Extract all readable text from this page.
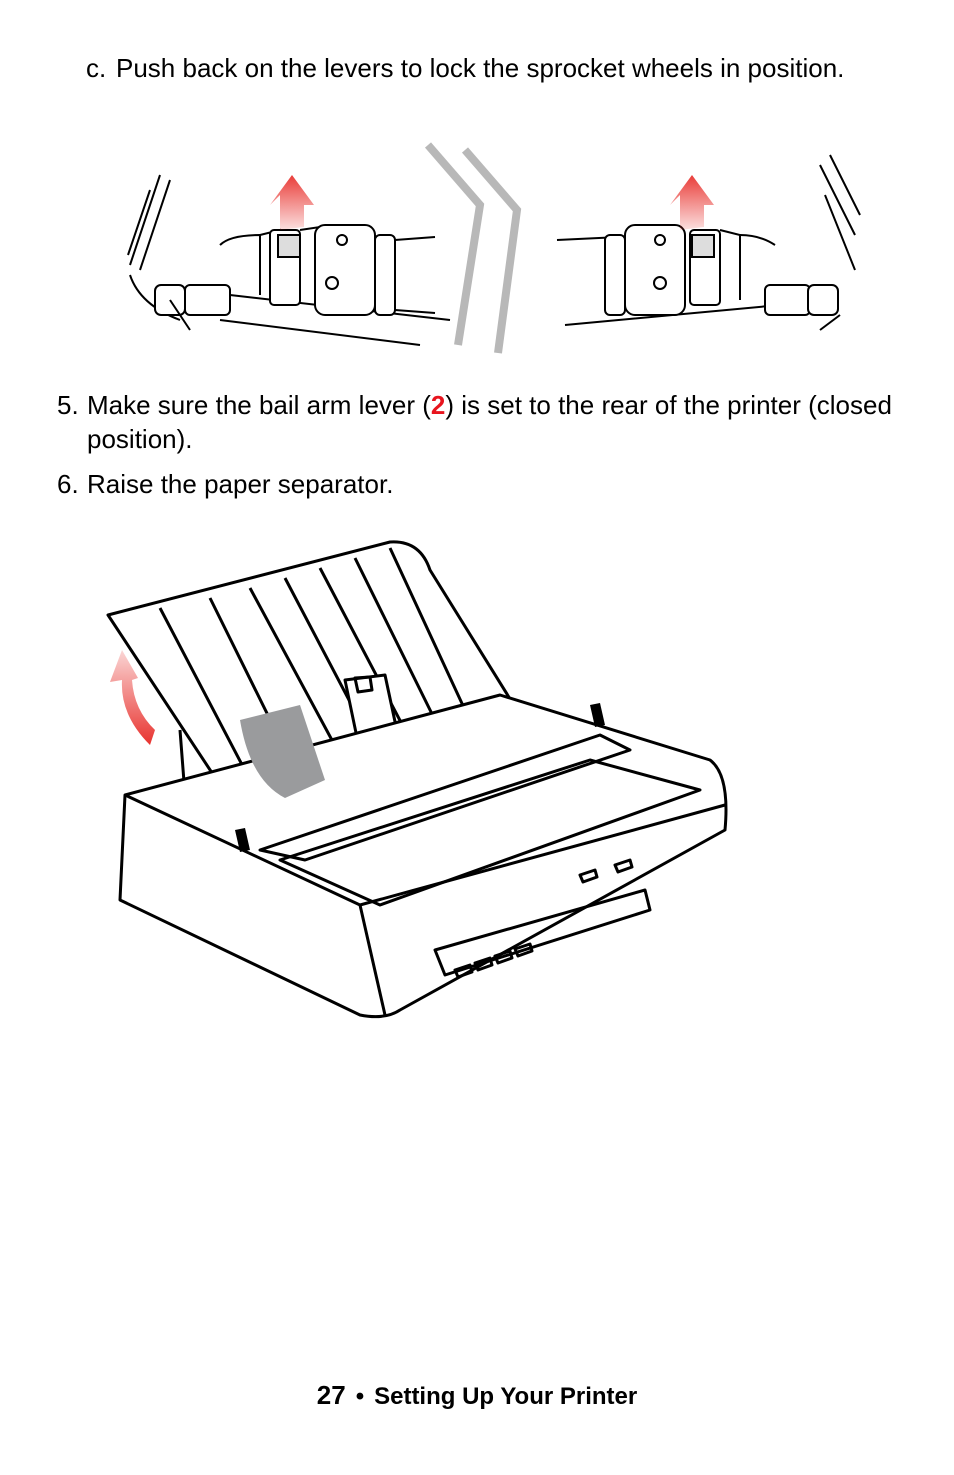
c. Push back on the levers to lock the sprocket wheels in position.
5. Make sure the bail arm lever (2) is set to the rear of the printer (closed position).
6. Raise the paper separator.
27 • Setting Up Your Printer
